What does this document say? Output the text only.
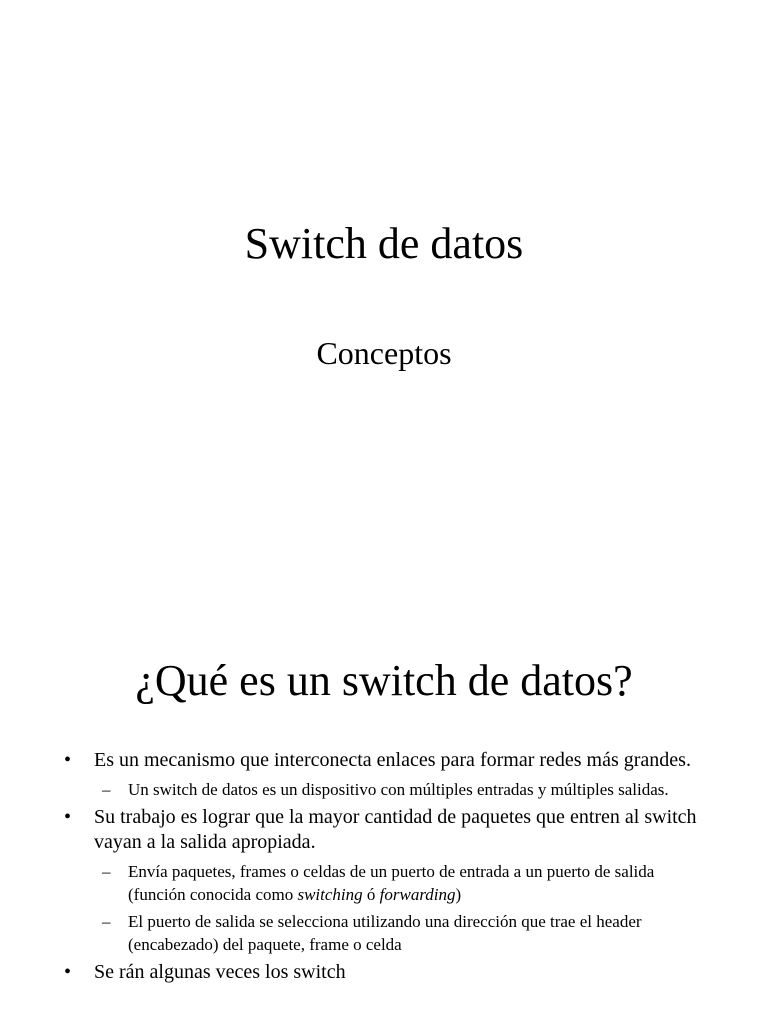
Switch de datos
Conceptos
¿Qué es un switch de datos?
• Es un mecanismo que interconecta enlaces para formar redes más grandes.
– Un switch de datos es un dispositivo con múltiples entradas y múltiples salidas.
• Su trabajo es lograr que la mayor cantidad de paquetes que entren al switch vayan a la salida apropiada.
– Envía paquetes, frames o celdas de un puerto de entrada a un puerto de salida (función conocida como switching ó forwarding)
– El puerto de salida se selecciona utilizando una dirección que trae el header (encabezado) del paquete, frame o celda
• Se rán algunas veces los switch
